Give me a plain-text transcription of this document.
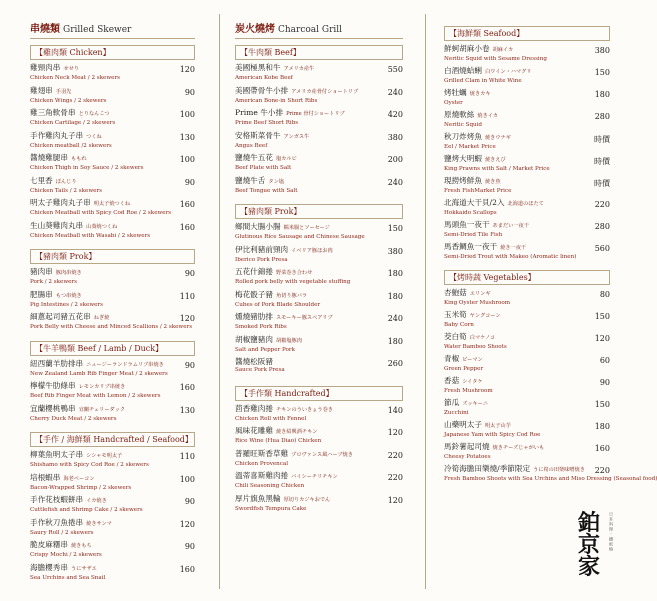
串燒類 Grilled Skewer
【雞肉類 Chicken】
雞頸肉串 せせり
Chicken Neck Meat / 2 skewers
120
雞翅串 手羽先
Chicken Wings / 2 skewers
90
雞三角軟骨串 とりなんこつ
Chicken Cartilage / 2 skewers
100
手作雞肉丸子串 つくね
Chicken meatball /2 skewers
130
醬燒雞腿串 ももれ
Chicken Thigh in Soy Sauce / 2 skewers
100
七里香 ぼんじり
Chicken Tails / 2 skewers
90
明太子雞肉丸子串 明太子焼つくね
Chicken Meatball with Spicy Cod Roe / 2 skewers
160
生山葵雞肉丸串 山葵焼つくね
Chicken Meatball with Wasabi / 2 skewers
160
【豬肉類 Prok】
豬肉串 豚肉串焼き
Pork / 2 skewers
90
肥腸串 もつ串焼き
Pig Intestines / 2 skewers
110
細蔥起司豬五花串 ねぎ焼
Pork Belly with Cheese and Minced Scallions / 2 skewers
120
【牛羊鴨類 Beef / Lamb / Duck】
紐西蘭羊肋排串 ニュージーランドラムリブ串焼き
New Zealand Lamb Rib Finger Meat / 2 skewers
90
檸檬牛肋條串 レモンカリブ串焼き
Beef Rib Finger Meat with Lemon / 2 skewers
160
宜蘭櫻桃鴨串 宜蘭チェリーダック
Cherry Duck Meat / 2 skewers
130
【手作 / 海鮮類 Handcrafted / Seafood】
柳葉魚明太子串 シシャモ明太子
Shishamo with Spicy Cod Roe / 2 skewers
110
培根蝦串 海老ベーコン
Bacon-Wrapped Shrimp / 2 skewers
100
手作花枝蝦餅串 イカ焼き
Cuttlefish and Shrimp Cake / 2 skewers
90
手作秋刀魚捲串 焼きサンマ
Saury Roll / 2 skewers
120
脆皮麻糬串 焼きもち
Crispy Mochi / 2 skewers
90
海膽櫻秀串 うにサザエ
Sea Urchins and Sea Snail
160
炭火燒烤 Charcoal Grill
【牛肉類 Beef】
美國極黑和牛 アメリカ産牛
American Kobe Beef
550
美國帶骨牛小排 アメリカ産骨付ショートリブ
American Bone-in Short Ribs
240
Prime 牛小排 Prime 骨付ショートリブ
Prime Beef Short Ribs
420
安格斯菜骨牛 アンガス牛
Angus Beef
380
鹽燒牛五花 塩カルビ
Beef Plate with Salt
200
鹽燒牛舌 タン塩
Beef Tongue with Salt
240
【豬肉類 Prok】
鄉間大腸小腸 糯米腸とソーセージ
Glutinous Rice Sausage and Chinese Sausage
150
伊比利豬前頸肉 イベリア豚ほお肉
Iberico Pork Presa
380
五花什錦捲 野菜巻き合わせ
Rolled pork belly with vegetable stuffing
180
梅花骰子豬 角切り豚バラ
Cubes of Pork Blade Shoulder
180
燻燒豬肋排 スモーキー豚スペアリブ
Smoked Pork Ribs
240
胡椒鹽豬肉 胡椒塩豚肉
Salt and Pepper Pork
180
醬燒松阪豬
Sauce Pork Presa
260
【手作類 Handcrafted】
茴香雞肉捲 チキンのういきょう巻き
Chicken Roll with Fennel
140
風味花雕雞 焼き紹興酒チキン
Rice Wine (Hua Diao) Chicken
120
普羅旺斯香草雞 プロヴァンス風ハーブ焼き
Chicken Provencal
220
溫蒂喜斯雞肉捲 バイシーチリチキン
Chili Seasoning Chicken
220
厚片旗魚黑輪 厚切りカジキおでん
Swordfish Tempura Cake
120
【海鮮類 Seafood】
鮮蚵胡麻小卷 胡麻イカ
Neritic Squid with Sesame Dressing
380
白酒燒蛤蜊 白ワイン・ハマグリ
Grilled Clam in White Wine
150
烤牡蠣 焼きカキ
Oyster
180
原燒軟絲 焼きイカ
Neritic Squid
280
秋刀炸烤魚 焼きウナギ
Eel / Market Price
時價
鹽烤大明蝦 焼きえび
King Prawns with Salt / Market Price
時價
現撈烤鮮魚 焼き魚
Fresh FishMarket Price
時價
北海道大干貝/2入 北海道のほたて
Hokkaido Scallops
220
馬頭魚一夜干 あまだい一夜干
Semi-Dried Tile Fish
280
馬香鯛魚一夜干 焼き一夜干
Semi-Dried Trout with Makeo (Aromatic linen)
560
【烤時蔬 Vegetables】
杏鮑菇 エリンギ
King Oyster Mushroom
80
玉米筍 ヤングコーン
Baby Corn
150
茭白筍 白マケノコ
Water Bamboo Shoots
120
青椒 ピーマン
Green Pepper
60
香菇 シイタケ
Fresh Mushroom
90
節瓜 ズッキーニ
Zucchini
150
山藥明太子 明太子山芋
Japanese Yam with Spicy Cod Roe
180
馬鈴薯起司燒 焼きチーズじゃがいも
Cheesy Potatoes
160
冷筍海膽田樂燒/季節限定 うに筍の田楽味噌焼き
Fresh Bamboo Shoots with Sea Urchins and Miso Dressing (Seasonal food)
220
鉑京家
日本料理・鐵板燒
